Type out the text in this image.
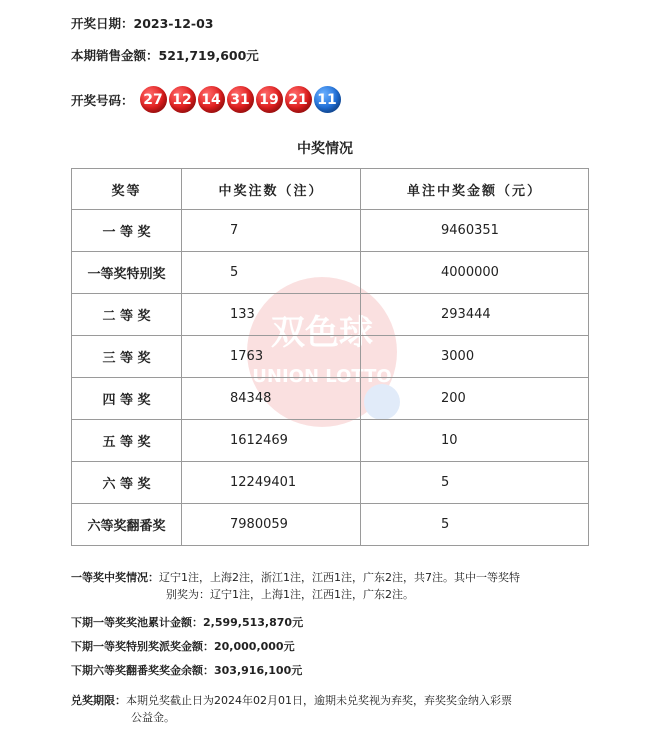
开奖日期：2023-12-03
本期销售金额：521,719,600元
开奖号码： 27 12 14 31 19 21 11
中奖情况
双色球
UNION LOTTO
奖等	中奖注数（注）	单注中奖金额（元）
一 等 奖	7	9460351
一等奖特别奖	5	4000000
二 等 奖	133	293444
三 等 奖	1763	3000
四 等 奖	84348	200
五 等 奖	1612469	10
六 等 奖	12249401	5
六等奖翻番奖	7980059	5
一等奖中奖情况：辽宁1注，上海2注，浙江1注，江西1注，广东2注，共7注。其中一等奖特
别奖为：辽宁1注，上海1注，江西1注，广东2注。
下期一等奖奖池累计金额：2,599,513,870元
下期一等奖特别奖派奖金额：20,000,000元
下期六等奖翻番奖奖金余额：303,916,100元
兑奖期限：本期兑奖截止日为2024年02月01日，逾期未兑奖视为弃奖，弃奖奖金纳入彩票
公益金。
